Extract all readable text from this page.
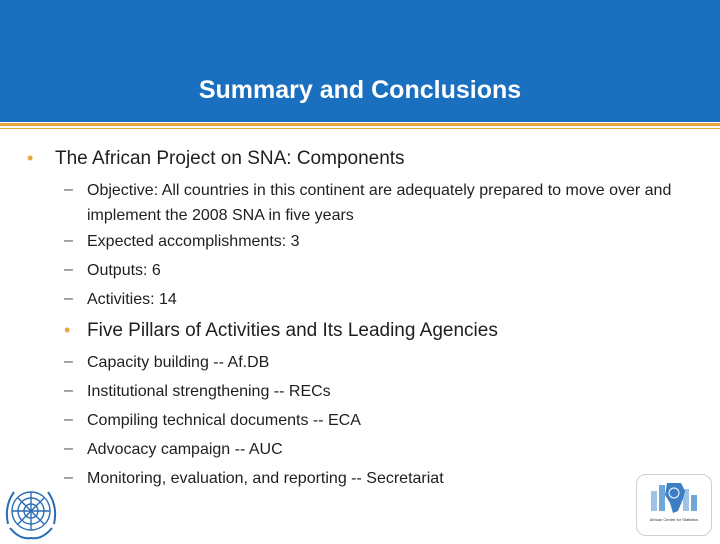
Summary and Conclusions
• The African Project on SNA: Components
– Objective: All countries in this continent are adequately prepared to move over and implement the 2008 SNA in five years
– Expected accomplishments: 3
– Outputs: 6
– Activities: 14
• Five Pillars of Activities and Its Leading Agencies
– Capacity building -- Af.DB
– Institutional strengthening -- RECs
– Compiling technical documents -- ECA
– Advocacy campaign -- AUC
– Monitoring, evaluation, and reporting -- Secretariat
African Centre for Statistics
